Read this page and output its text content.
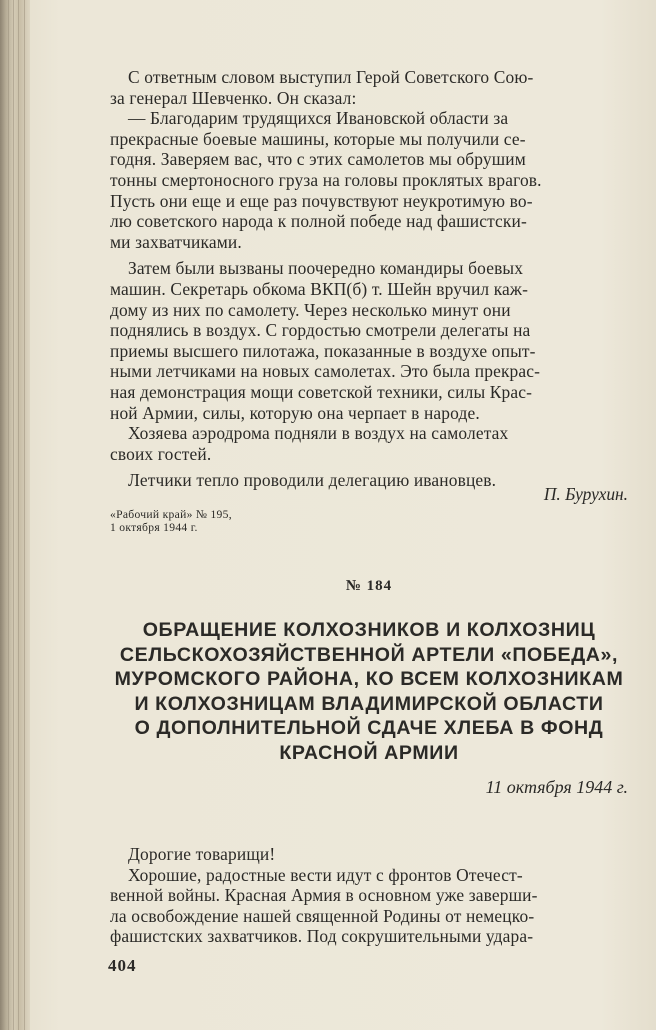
С ответным словом выступил Герой Советского Сою-
за генерал Шевченко. Он сказал:
— Благодарим трудящихся Ивановской области за
прекрасные боевые машины, которые мы получили се-
годня. Заверяем вас, что с этих самолетов мы обрушим
тонны смертоносного груза на головы проклятых врагов.
Пусть они еще и еще раз почувствуют неукротимую во-
лю советского народа к полной победе над фашистски-
ми захватчиками.
Затем были вызваны поочередно командиры боевых
машин. Секретарь обкома ВКП(б) т. Шейн вручил каж-
дому из них по самолету. Через несколько минут они
поднялись в воздух. С гордостью смотрели делегаты на
приемы высшего пилотажа, показанные в воздухе опыт-
ными летчиками на новых самолетах. Это была прекрас-
ная демонстрация мощи советской техники, силы Крас-
ной Армии, силы, которую она черпает в народе.
Хозяева аэродрома подняли в воздух на самолетах
своих гостей.
Летчики тепло проводили делегацию ивановцев.
П. Бурухин.
«Рабочий край» № 195,
1 октября 1944 г.
№ 184
ОБРАЩЕНИЕ КОЛХОЗНИКОВ И КОЛХОЗНИЦ
СЕЛЬСКОХОЗЯЙСТВЕННОЙ АРТЕЛИ «ПОБЕДА»,
МУРОМСКОГО РАЙОНА, КО ВСЕМ КОЛХОЗНИКАМ
И КОЛХОЗНИЦАМ ВЛАДИМИРСКОЙ ОБЛАСТИ
О ДОПОЛНИТЕЛЬНОЙ СДАЧЕ ХЛЕБА В ФОНД
КРАСНОЙ АРМИИ
11 октября 1944 г.
Дорогие товарищи!
Хорошие, радостные вести идут с фронтов Отечест-
венной войны. Красная Армия в основном уже заверши-
ла освобождение нашей священной Родины от немецко-
фашистских захватчиков. Под сокрушительными удара-
404
